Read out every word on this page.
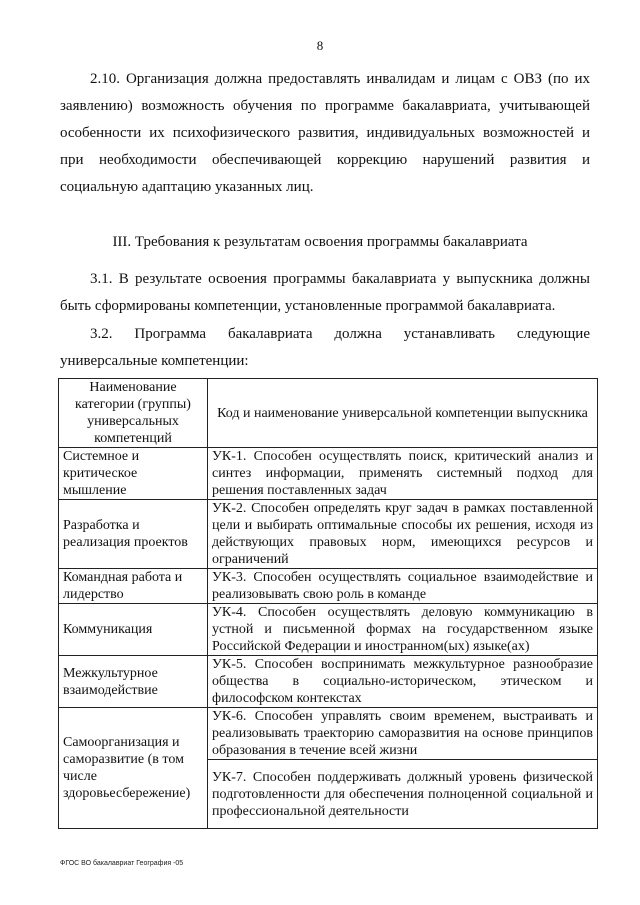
8

2.10. Организация должна предоставлять инвалидам и лицам с ОВЗ (по их заявлению) возможность обучения по программе бакалавриата, учитывающей особенности их психофизического развития, индивидуальных возможностей и при необходимости обеспечивающей коррекцию нарушений развития и социальную адаптацию указанных лиц.

III. Требования к результатам освоения программы бакалавриата

3.1. В результате освоения программы бакалавриата у выпускника должны быть сформированы компетенции, установленные программой бакалавриата.

3.2. Программа бакалавриата должна устанавливать следующие универсальные компетенции:

Наименование категории (группы) универсальных компетенций	Код и наименование универсальной компетенции выпускника
Системное и критическое мышление	УК-1. Способен осуществлять поиск, критический анализ и синтез информации, применять системный подход для решения поставленных задач
Разработка и реализация проектов	УК-2. Способен определять круг задач в рамках поставленной цели и выбирать оптимальные способы их решения, исходя из действующих правовых норм, имеющихся ресурсов и ограничений
Командная работа и лидерство	УК-3. Способен осуществлять социальное взаимодействие и реализовывать свою роль в команде
Коммуникация	УК-4. Способен осуществлять деловую коммуникацию в устной и письменной формах на государственном языке Российской Федерации и иностранном(ых) языке(ах)
Межкультурное взаимодействие	УК-5. Способен воспринимать межкультурное разнообразие общества в социально-историческом, этическом и философском контекстах
Самоорганизация и саморазвитие (в том числе здоровьесбережение)	УК-6. Способен управлять своим временем, выстраивать и реализовывать траекторию саморазвития на основе принципов образования в течение всей жизни
	УК-7. Способен поддерживать должный уровень физической подготовленности для обеспечения полноценной социальной и профессиональной деятельности
ФГОС ВО бакалавриат География -05
